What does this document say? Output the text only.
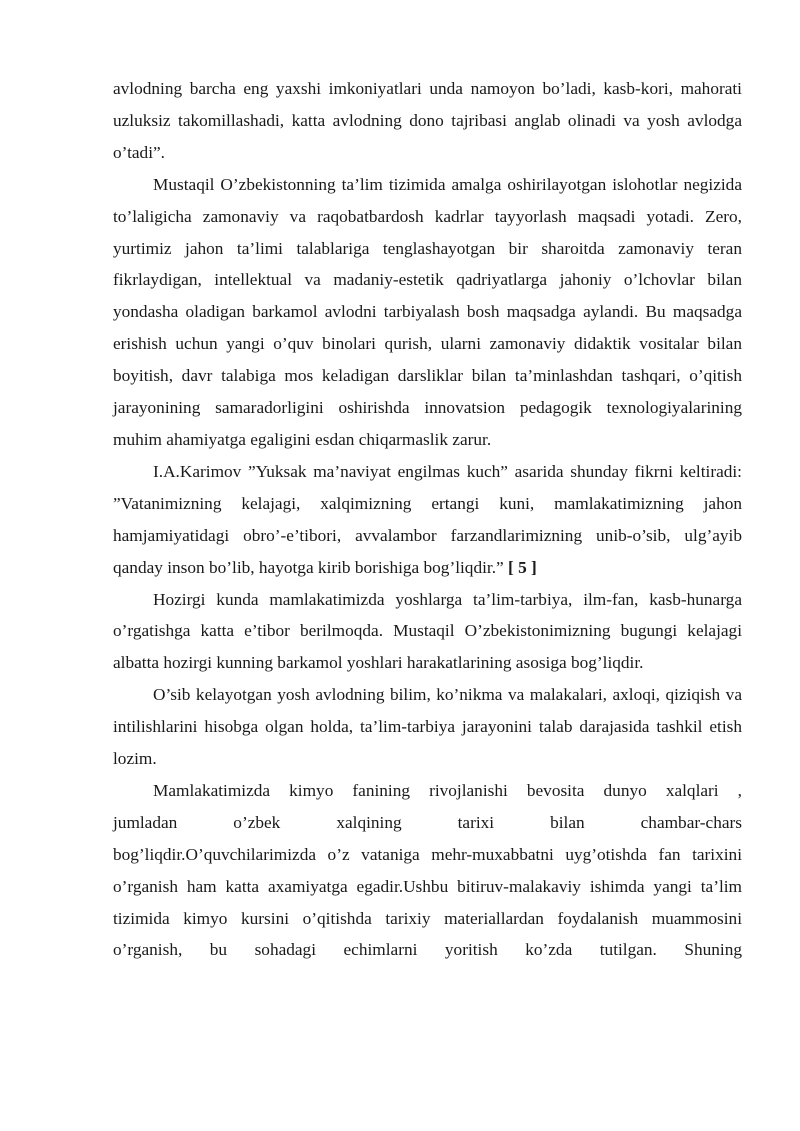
avlodning barcha eng yaxshi imkoniyatlari unda namoyon bo’ladi, kasb-kori, mahorati uzluksiz takomillashadi, katta avlodning dono tajribasi anglab olinadi va yosh avlodga o’tadi”.

Mustaqil O’zbekistonning ta’lim tizimida amalga oshirilayotgan islohotlar negizida to’laligicha zamonaviy va raqobatbardosh kadrlar tayyorlash maqsadi yotadi. Zero, yurtimiz jahon ta’limi talablariga tenglashayotgan bir sharoitda zamonaviy teran fikrlaydigan, intellektual va madaniy-estetik qadriyatlarga jahoniy o’lchovlar bilan yondasha oladigan barkamol avlodni tarbiyalash bosh maqsadga aylandi. Bu maqsadga erishish uchun yangi o’quv binolari qurish, ularni zamonaviy didaktik vositalar bilan boyitish, davr talabiga mos keladigan darsliklar bilan ta’minlashdan tashqari, o’qitish jarayonining samaradorligini oshirishda innovatsion pedagogik texnologiyalarining muhim ahamiyatga egaligini esdan chiqarmaslik zarur.

I.A.Karimov ”Yuksak ma’naviyat engilmas kuch” asarida shunday fikrni keltiradi: ”Vatanimizning kelajagi, xalqimizning ertangi kuni, mamlakatimizning jahon hamjamiyatidagi obro’-e’tibori, avvalambor farzandlarimizning unib-o’sib, ulg’ayib qanday inson bo’lib, hayotga kirib borishiga bog’liqdir.” [ 5 ]

Hozirgi kunda mamlakatimizda yoshlarga ta’lim-tarbiya, ilm-fan, kasb-hunarga o’rgatishga katta e’tibor berilmoqda. Mustaqil O’zbekistonimizning bugungi kelajagi albatta hozirgi kunning barkamol yoshlari harakatlarining asosiga bog’liqdir.

O’sib kelayotgan yosh avlodning bilim, ko’nikma va malakalari, axloqi, qiziqish va intilishlarini hisobga olgan holda, ta’lim-tarbiya jarayonini talab darajasida tashkil etish lozim.

Mamlakatimizda kimyo fanining rivojlanishi bevosita dunyo xalqlari ,

jumladan o’zbek xalqining tarixi bilan chambar-chars

bog’liqdir.O’quvchilarimizda o’z vataniga mehr-muxabbatni uyg’otishda fan tarixini o’rganish ham katta axamiyatga egadir.Ushbu bitiruv-malakaviy ishimda yangi ta’lim tizimida kimyo kursini o’qitishda tarixiy materiallardan foydalanish muammosini o’rganish, bu sohadagi echimlarni yoritish ko’zda tutilgan. Shuning
